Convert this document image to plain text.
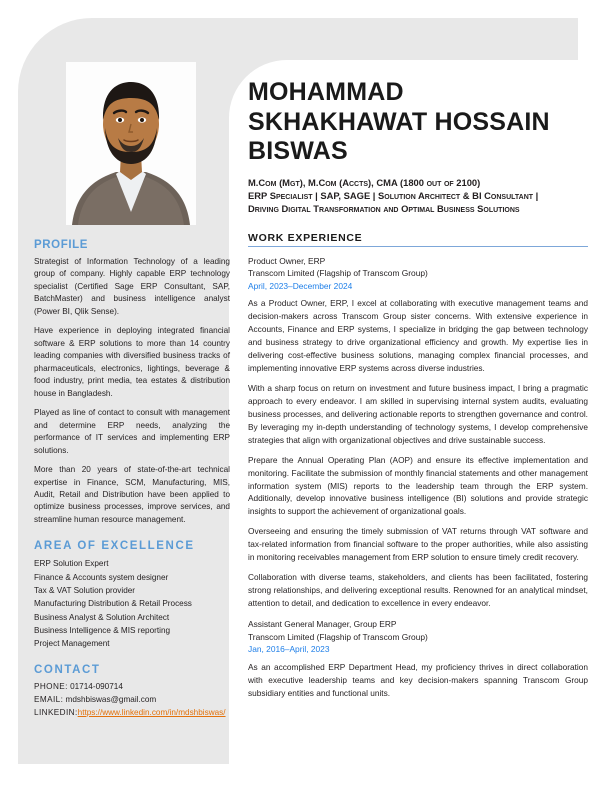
PROFILE

Strategist of Information Technology of a leading group of company. Highly capable ERP technology specialist (Certified Sage ERP Consultant, SAP, BatchMaster) and business intelligence analyst (Power BI, Qlik Sense).

Have experience in deploying integrated financial software & ERP solutions to more than 14 country leading companies with diversified business tracks of pharmaceuticals, electronics, lightings, beverage & food industry, print media, tea estates & distribution house in Bangladesh.

Played as line of contact to consult with management and determine ERP needs, analyzing the performance of IT services and implementing ERP solutions.

More than 20 years of state-of-the-art technical expertise in Finance, SCM, Manufacturing, MIS, Audit, Retail and Distribution have been applied to optimize business processes, improve services, and streamline human resource management.

AREA OF EXCELLENCE
ERP Solution Expert
Finance & Accounts system designer
Tax & VAT Solution provider
Manufacturing Distribution & Retail Process
Business Analyst & Solution Architect
Business Intelligence & MIS reporting
Project Management
CONTACT
PHONE: 01714-090714
EMAIL: mdshbiswas@gmail.com
LINKEDIN:https://www.linkedin.com/in/mdshbiswas/
MOHAMMAD
SKHAKHAWAT HOSSAIN
BISWAS
M.Com (Mgt), M.Com (Accts), CMA (1800 out of 2100)
ERP Specialist | SAP, SAGE | Solution Architect & BI Consultant |
Driving Digital Transformation and Optimal Business Solutions
WORK EXPERIENCE
Product Owner, ERP
Transcom Limited (Flagship of Transcom Group)
April, 2023–December 2024

As a Product Owner, ERP, I excel at collaborating with executive management teams and decision-makers across Transcom Group sister concerns. With extensive experience in Accounts, Finance and ERP systems, I specialize in bridging the gap between technology and business strategy to drive organizational efficiency and growth. My expertise lies in delivering cost-effective business solutions, managing complex financial processes, and implementing innovative ERP systems across diverse industries.

With a sharp focus on return on investment and future business impact, I bring a pragmatic approach to every endeavor. I am skilled in supervising internal system audits, evaluating business processes, and delivering actionable reports to strengthen governance and control. By leveraging my in-depth understanding of technology systems, I develop comprehensive strategies that align with organizational objectives and drive sustainable success.

Prepare the Annual Operating Plan (AOP) and ensure its effective implementation and monitoring. Facilitate the submission of monthly financial statements and other management information system (MIS) reports to the leadership team through the ERP system. Additionally, develop innovative business intelligence (BI) solutions and provide strategic insights to support the achievement of organizational goals.

Overseeing and ensuring the timely submission of VAT returns through VAT software and tax-related information from financial software to the proper authorities, while also assisting in monitoring receivables management from ERP solution to ensure timely credit recovery.

Collaboration with diverse teams, stakeholders, and clients has been facilitated, fostering strong relationships, and delivering exceptional results. Renowned for an analytical mindset, attention to detail, and dedication to excellence in every endeavor.

Assistant General Manager, Group ERP
Transcom Limited (Flagship of Transcom Group)
Jan, 2016–April, 2023

As an accomplished ERP Department Head, my proficiency thrives in direct collaboration with executive leadership teams and key decision-makers spanning Transcom Group subsidiary entities and functional units.
